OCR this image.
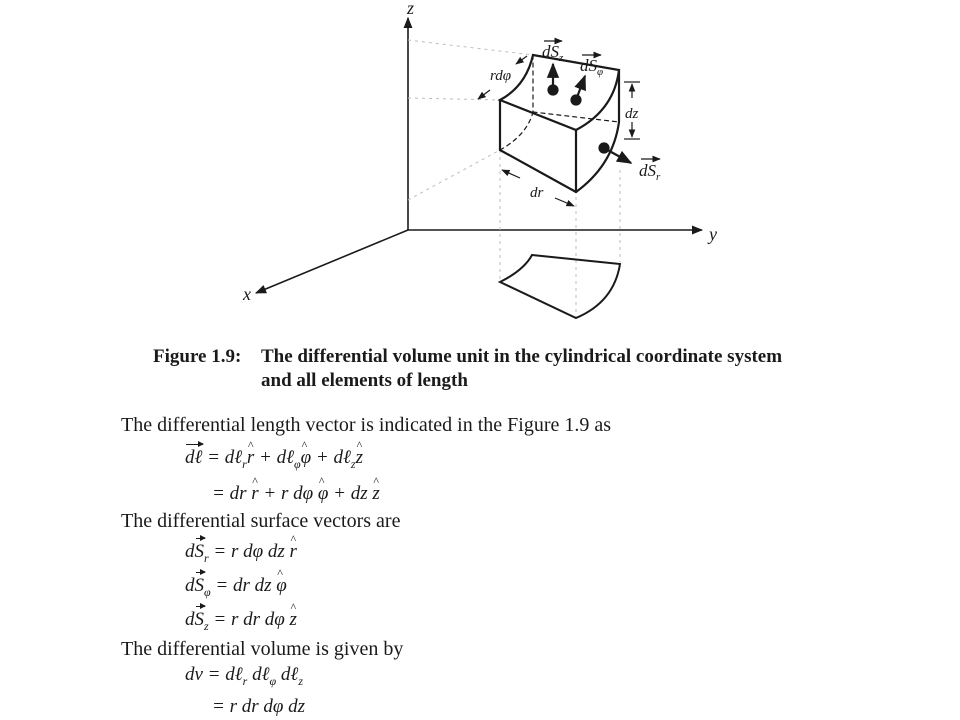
z
y
x
rdφ
$dS_z$ $dS_\varphi$
dz
$dS_r$
dr
Figure 1.9: The differential volume unit in the cylindrical coordinate system
and all elements of length
The differential length vector is indicated in the Figure 1.9 as
dℓ = dℓ$_r$r ^ + dℓ$_\varphi$φ ^ + dℓ$_z$z ^
= dr r ^ + r dφ φ ^ + dz z ^
The differential surface vectors are
$dS_r = r$ dφ dz r ^
$dS_\varphi$ = dr dz φ ^
$dS_z = r$ dr dφ z ^
The differential volume is given by
dv = dℓ$_r$ dℓ$_\varphi$ dℓ$_z$
= r dr dφ dz
